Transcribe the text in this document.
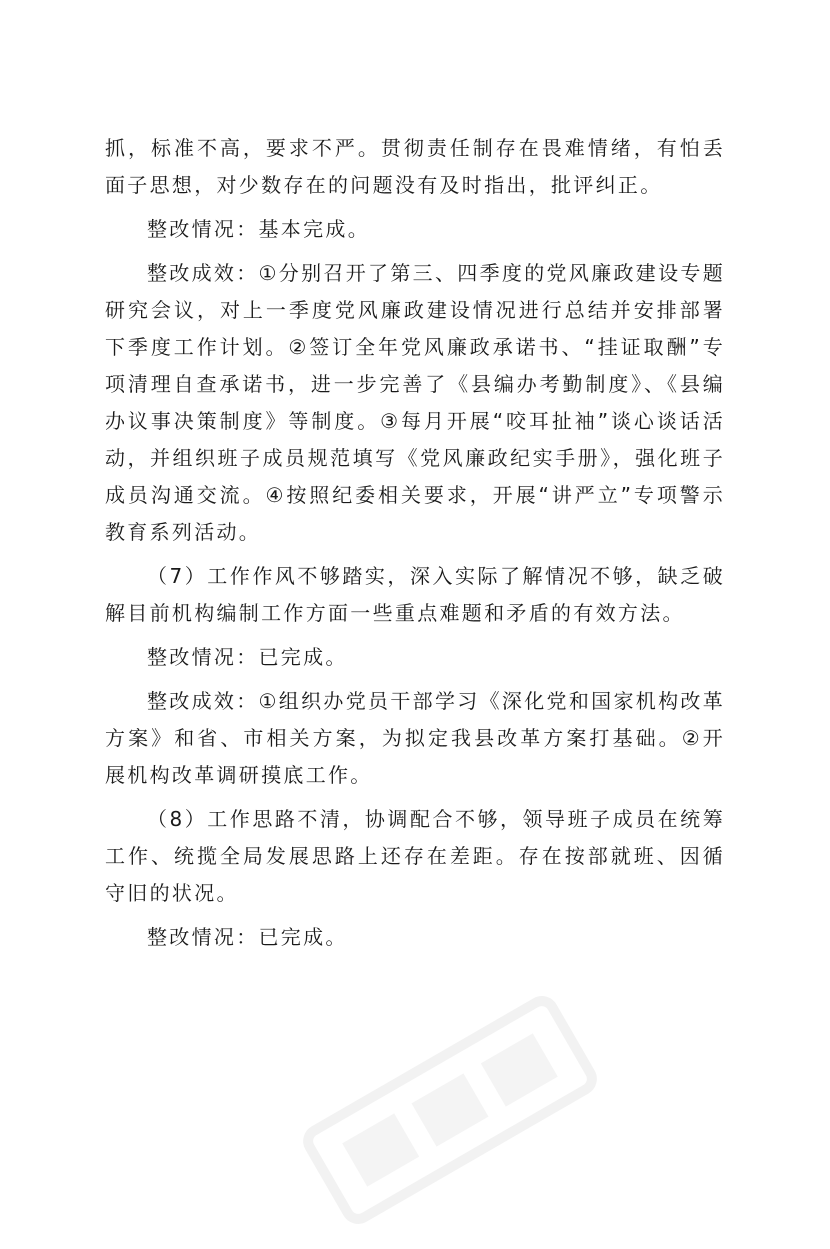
抓，标准不高，要求不严。贯彻责任制存在畏难情绪，有怕丢面子思想，对少数存在的问题没有及时指出，批评纠正。

整改情况：基本完成。

整改成效：①分别召开了第三、四季度的党风廉政建设专题研究会议，对上一季度党风廉政建设情况进行总结并安排部署下季度工作计划。②签订全年党风廉政承诺书、“挂证取酬”专项清理自查承诺书，进一步完善了《县编办考勤制度》、《县编办议事决策制度》等制度。③每月开展“咬耳扯袖”谈心谈话活动，并组织班子成员规范填写《党风廉政纪实手册》，强化班子成员沟通交流。④按照纪委相关要求，开展“讲严立”专项警示教育系列活动。

（7）工作作风不够踏实，深入实际了解情况不够，缺乏破解目前机构编制工作方面一些重点难题和矛盾的有效方法。

整改情况：已完成。

整改成效：①组织办党员干部学习《深化党和国家机构改革方案》和省、市相关方案，为拟定我县改革方案打基础。②开展机构改革调研摸底工作。

（8）工作思路不清，协调配合不够，领导班子成员在统筹工作、统揽全局发展思路上还存在差距。存在按部就班、因循守旧的状况。

整改情况：已完成。
